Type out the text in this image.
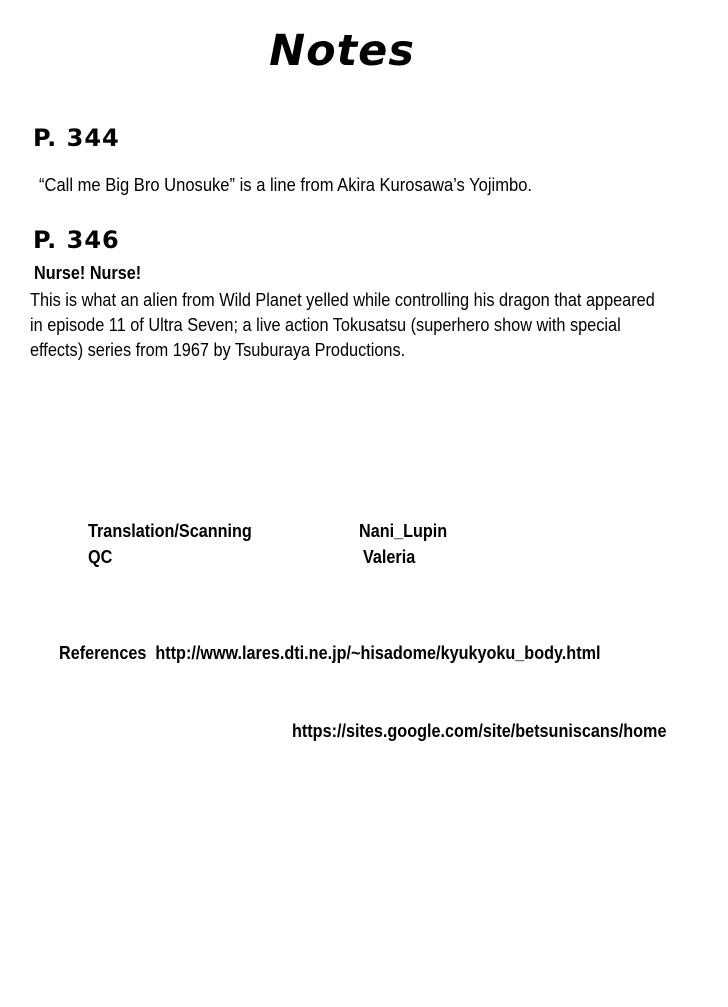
Notes
P. 344
“Call me Big Bro Unosuke” is a line from Akira Kurosawa’s Yojimbo.
P. 346
Nurse! Nurse!
This is what an alien from Wild Planet yelled while controlling his dragon that appeared
in episode 11 of Ultra Seven; a live action Tokusatsu (superhero show with special
effects) series from 1967 by Tsuburaya Productions.
Translation/Scanning	Nani_Lupin
QC	Valeria
References http://www.lares.dti.ne.jp/~hisadome/kyukyoku_body.html
https://sites.google.com/site/betsuniscans/home
